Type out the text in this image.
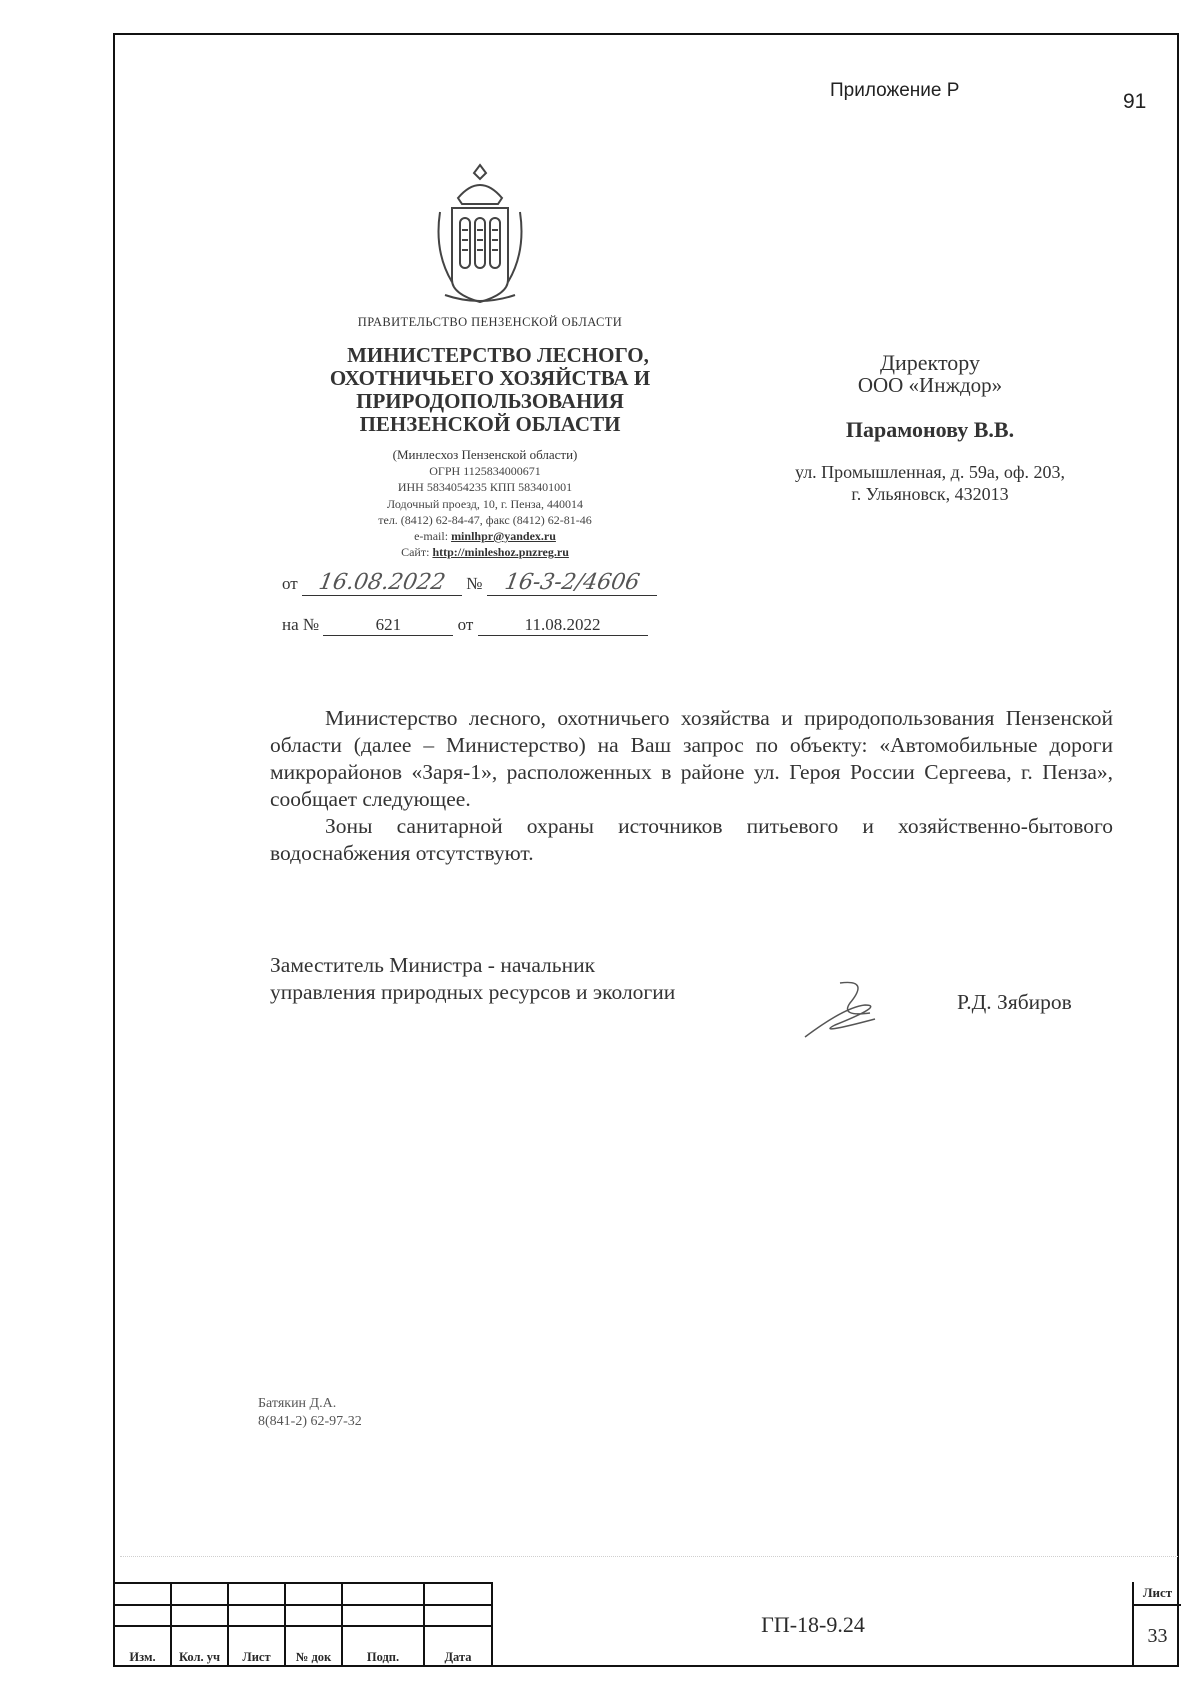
Приложение Р	91
ПРАВИТЕЛЬСТВО ПЕНЗЕНСКОЙ ОБЛАСТИ
МИНИСТЕРСТВО ЛЕСНОГО,
ОХОТНИЧЬЕГО ХОЗЯЙСТВА И
ПРИРОДОПОЛЬЗОВАНИЯ
ПЕНЗЕНСКОЙ ОБЛАСТИ
(Минлесхоз Пензенской области)
ОГРН 1125834000671
ИНН 5834054235 КПП 583401001
Лодочный проезд, 10, г. Пенза, 440014
тел. (8412) 62-84-47, факс (8412) 62-81-46
e-mail: minlhpr@yandex.ru
Сайт: http://minleshoz.pnzreg.ru
от 16.08.2022 № 16-3-2/4606
на №	621	от	11.08.2022
Директору
ООО «Инждор»
Парамонову В.В.
ул. Промышленная, д. 59а, оф. 203,
г. Ульяновск, 432013

Министерство лесного, охотничьего хозяйства и природопользования Пензенской области (далее – Министерство) на Ваш запрос по объекту: «Автомобильные дороги микрорайонов «Заря-1», расположенных в районе ул. Героя России Сергеева, г. Пенза», сообщает следующее.

Зоны санитарной охраны источников питьевого и хозяйственно-бытового водоснабжения отсутствуют.

Заместитель Министра - начальник
управления природных ресурсов и экологии	Р.Д. Зябиров
Батякин Д.А.
8(841-2) 62-97-32

Изм.	Кол. уч	Лист	№ док	Подп.	Дата
ГП-18-9.24
Лист
33
